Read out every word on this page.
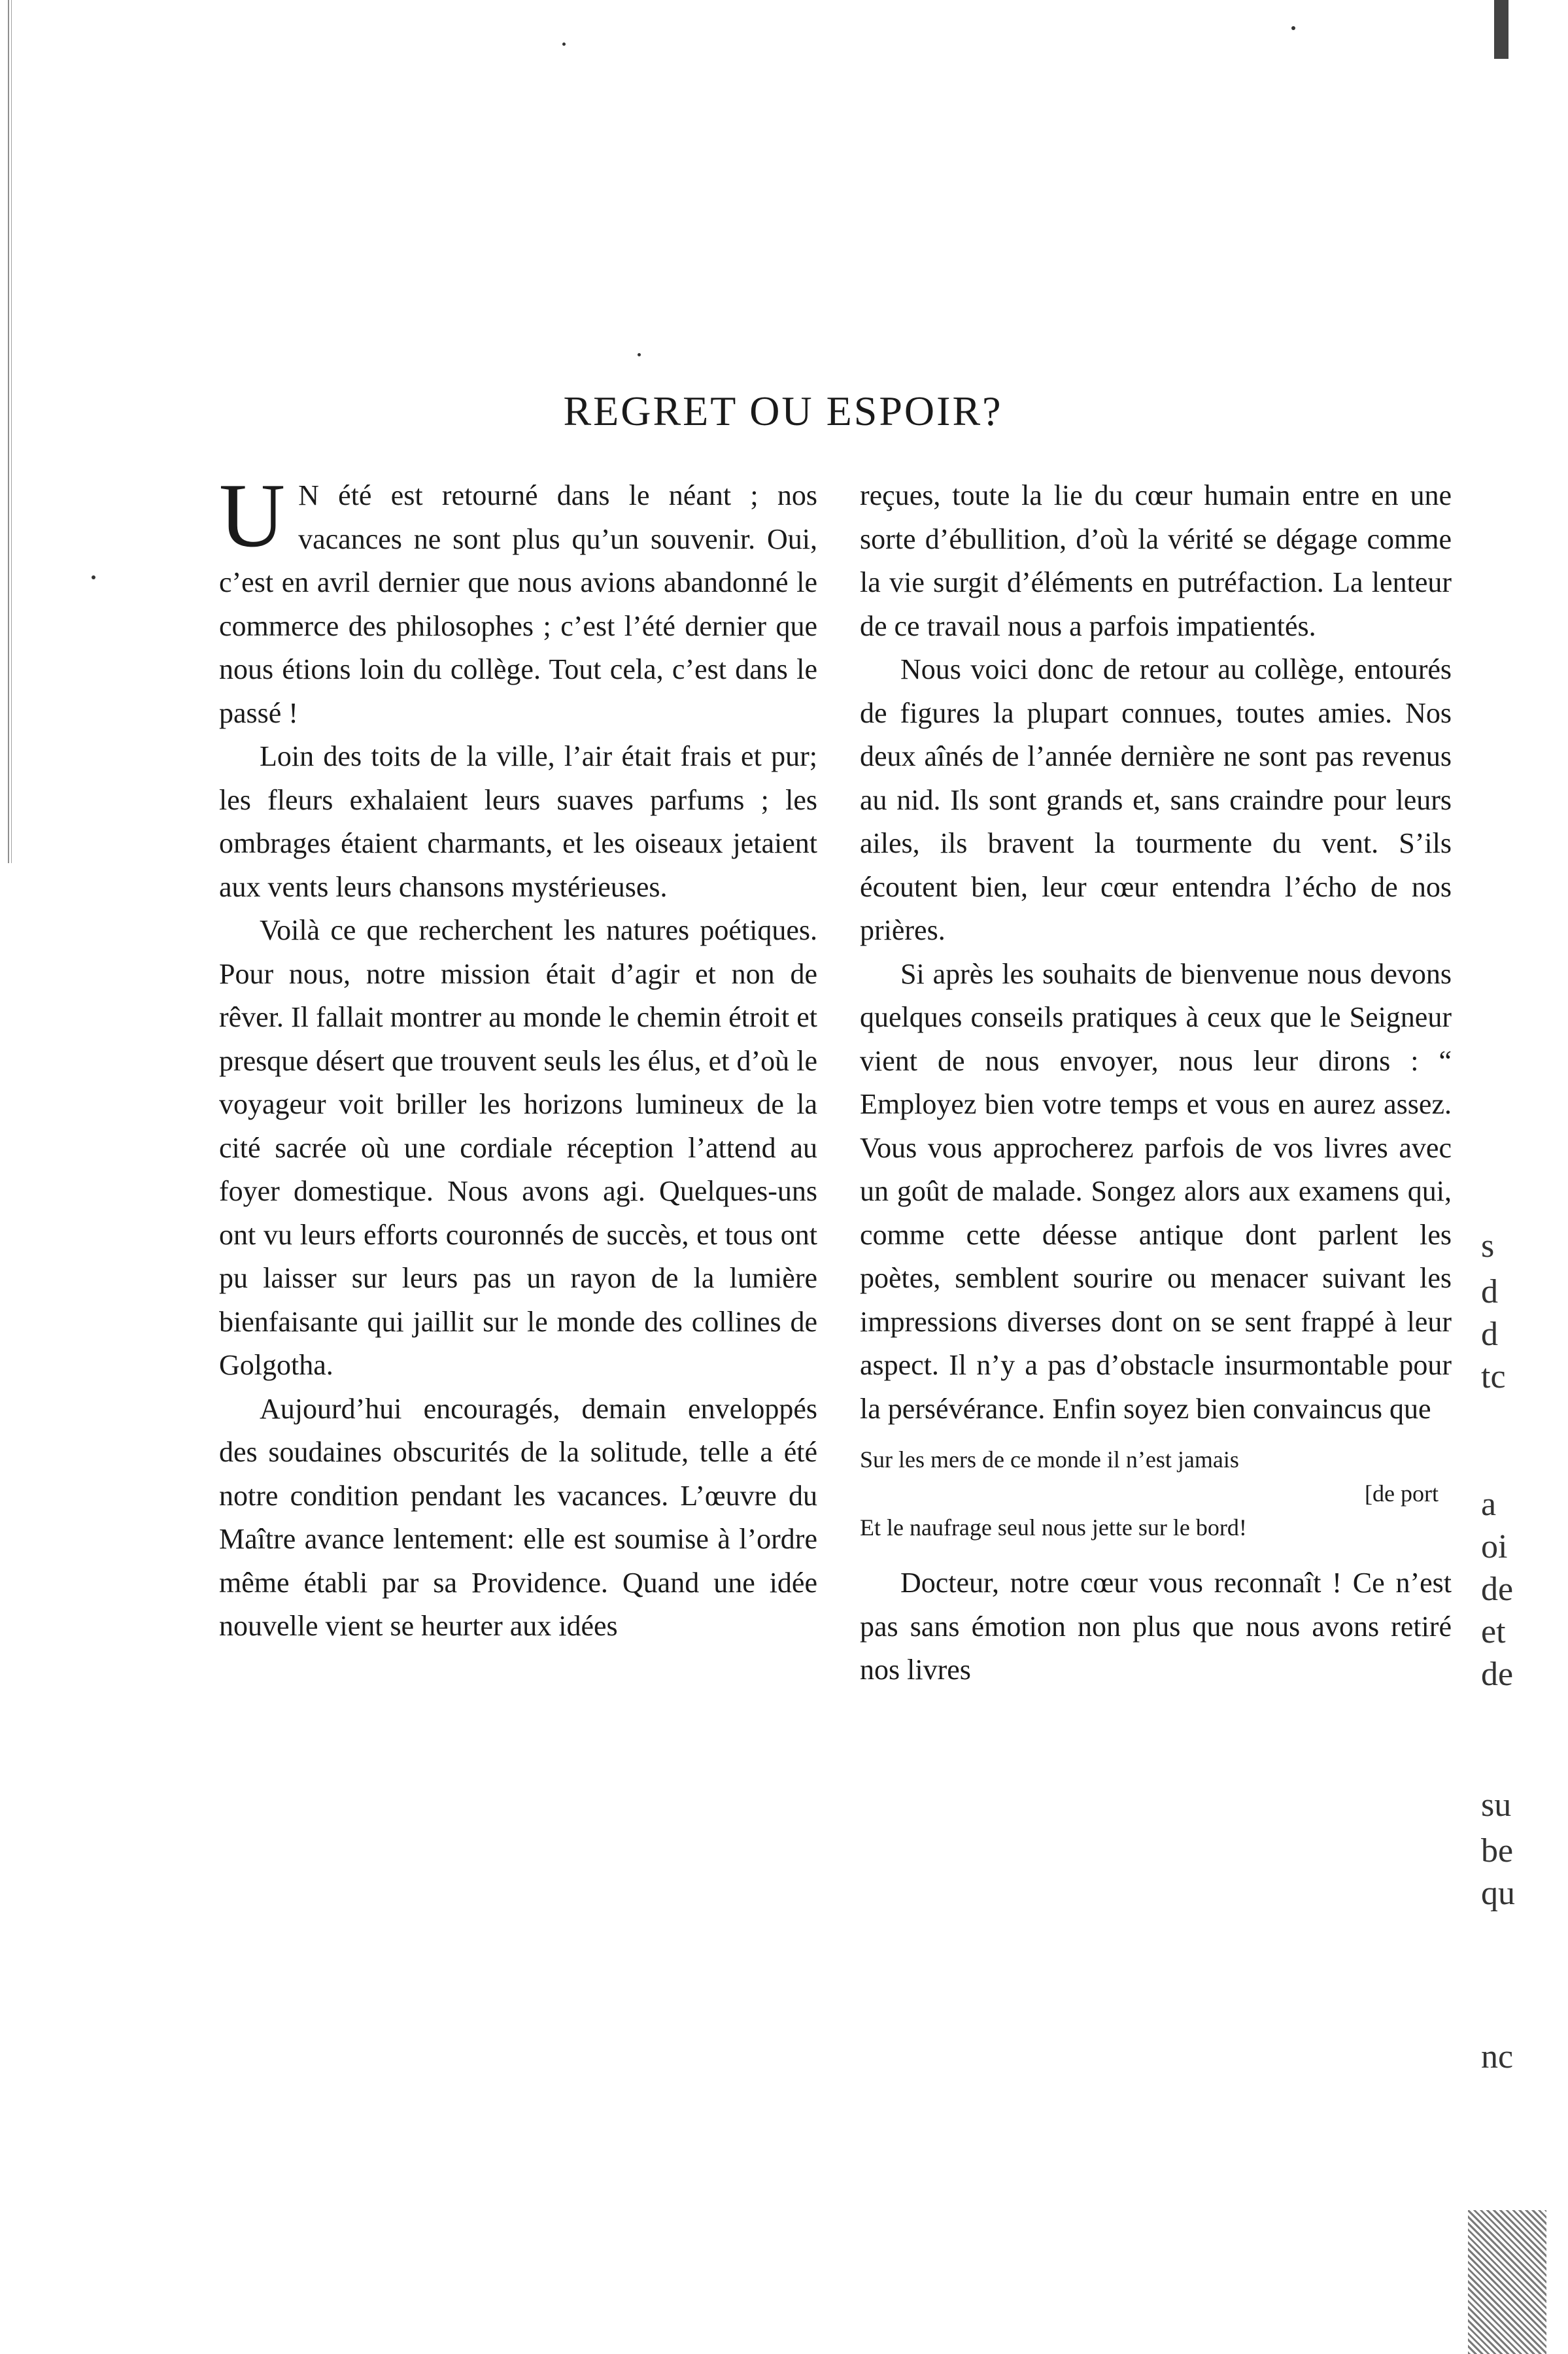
s
d
d
tc
a
oi
de
et
de
su
be
qu
nc
REGRET OU ESPOIR?

U N été est retourné dans le néant ; nos vacances ne sont plus qu’un souvenir. Oui, c’est en avril dernier que nous avions abandonné le commerce des philosophes ; c’est l’été dernier que nous étions loin du collège. Tout cela, c’est dans le passé !

Loin des toits de la ville, l’air était frais et pur; les fleurs exhalaient leurs suaves parfums ; les ombrages étaient charmants, et les oiseaux jetaient aux vents leurs chansons mystérieuses.

Voilà ce que recherchent les natures poétiques. Pour nous, notre mission était d’agir et non de rêver. Il fallait montrer au monde le chemin étroit et presque désert que trouvent seuls les élus, et d’où le voyageur voit briller les horizons lumineux de la cité sacrée où une cordiale réception l’attend au foyer domestique. Nous avons agi. Quelques-uns ont vu leurs efforts couronnés de succès, et tous ont pu laisser sur leurs pas un rayon de la lumière bienfaisante qui jaillit sur le monde des collines de Golgotha.

Aujourd’hui encouragés, demain enveloppés des soudaines obscurités de la solitude, telle a été notre condition pendant les vacances. L’œuvre du Maître avance lentement: elle est soumise à l’ordre même établi par sa Providence. Quand une idée nouvelle vient se heurter aux idées

reçues, toute la lie du cœur humain entre en une sorte d’ébullition, d’où la vérité se dégage comme la vie surgit d’éléments en putréfaction. La lenteur de ce travail nous a parfois impatientés.

Nous voici donc de retour au collège, entourés de figures la plupart connues, toutes amies. Nos deux aînés de l’année dernière ne sont pas revenus au nid. Ils sont grands et, sans craindre pour leurs ailes, ils bravent la tourmente du vent. S’ils écoutent bien, leur cœur entendra l’écho de nos prières.

Si après les souhaits de bienvenue nous devons quelques conseils pratiques à ceux que le Seigneur vient de nous envoyer, nous leur dirons : “ Employez bien votre temps et vous en aurez assez. Vous vous approcherez parfois de vos livres avec un goût de malade. Songez alors aux examens qui, comme cette déesse antique dont parlent les poètes, semblent sourire ou menacer suivant les impressions diverses dont on se sent frappé à leur aspect. Il n’y a pas d’obstacle insurmontable pour la persévérance. Enfin soyez bien convaincus que

Sur les mers de ce monde il n’est jamais
[de port
Et le naufrage seul nous jette sur le bord!

Docteur, notre cœur vous reconnaît ! Ce n’est pas sans émotion non plus que nous avons retiré nos livres
